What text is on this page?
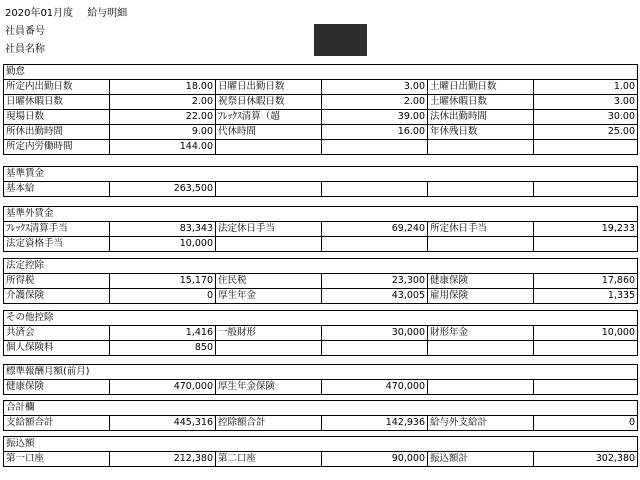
2020年01月度 給与明細
社員番号
社員名称
勤怠					
所定内出勤日数	18.00	日曜日出勤日数	3.00	土曜日出勤日数	1.00
日曜休暇日数	2.00	祝祭日休暇日数	2.00	土曜休暇日数	3.00
現場日数	22.00	ﾌﾚｯｸｽ清算（超	39.00	法休出勤時間	30.00
所休出勤時間	9.00	代休時間	16.00	年休残日数	25.00
所定内労働時間	144.00				
基準賃金
基本給	263,500				
基準外賃金					
ﾌﾚｯｸｽ清算手当	83,343	法定休日手当	69,240	所定休日手当	19,233
法定資格手当	10,000				
法定控除					
所得税	15,170	住民税	23,300	健康保険	17,860
介護保険	0	厚生年金	43,005	雇用保険	1,335
その他控除					
共済会	1,416	一般財形	30,000	財形年金	10,000
個人保険料	850				
標準報酬月額(前月)
健康保険	470,000	厚生年金保険	470,000		
合計欄
支給額合計	445,316	控除額合計	142,936	給与外支給計	0
振込額
第一口座	212,380	第二口座	90,000	振込額計	302,380
